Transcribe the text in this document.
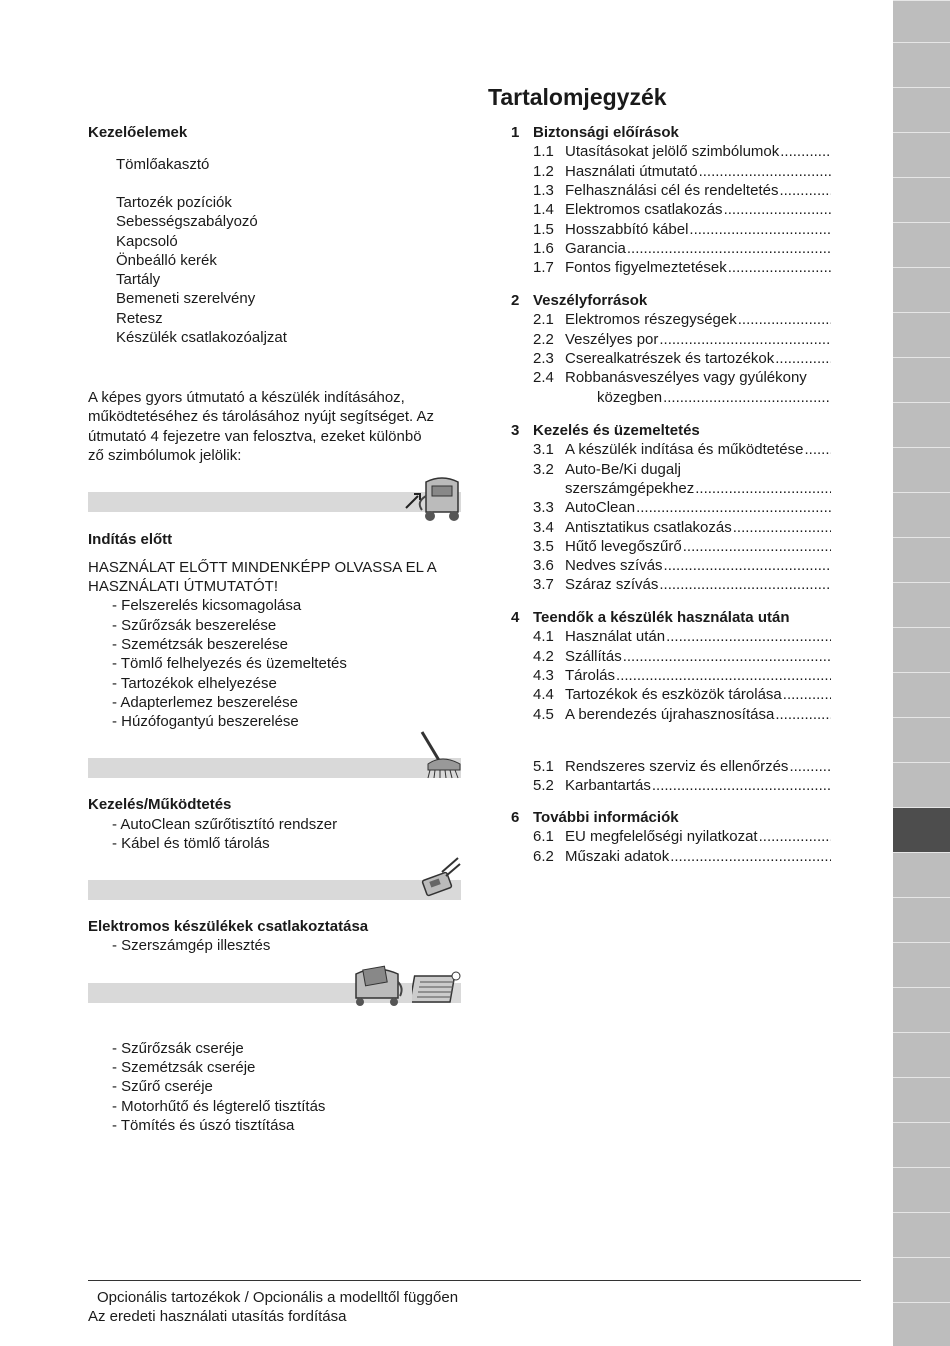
Tartalomjegyzék
1 Biztonsági előírások
1.1 Utasításokat jelölő szimbólumok
.....
1.2 Használati útmutató
.....
1.3 Felhasználási cél és rendeltetés
.....
1.4 Elektromos csatlakozás
.....
1.5 Hosszabbító kábel
.....
1.6 Garancia
.....
1.7 Fontos figyelmeztetések
.....
2 Veszélyforrások
2.1 Elektromos részegységek
.....
2.2 Veszélyes por
.....
2.3 Cserealkatrészek és tartozékok
.....
2.4 Robbanásveszélyes vagy gyúlékony
közegben
.....
3 Kezelés és üzemeltetés
3.1 A készülék indítása és működtetése
.....
3.2 Auto-Be/Ki dugalj
szerszámgépekhez
.....
3.3 AutoClean
.....
3.4 Antisztatikus csatlakozás
.....
3.5 Hűtő levegőszűrő
.....
3.6 Nedves szívás
.....
3.7 Száraz szívás
.....
4 Teendők a készülék használata után
4.1 Használat után
.....
4.2 Szállítás
.....
4.3 Tárolás
.....
4.4 Tartozékok és eszközök tárolása
.....
4.5 A berendezés újrahasznosítása
.....
5.1 Rendszeres szerviz és ellenőrzés
.....
5.2 Karbantartás
.....
6 További információk
6.1 EU megfelelőségi nyilatkozat
.....
6.2 Műszaki adatok
.....
Kezelőelemek
Tömlőakasztó
Tartozék pozíciók
Sebességszabályozó
Kapcsoló
Önbeálló kerék
Tartály
Bemeneti szerelvény
Retesz
Készülék csatlakozóaljzat
A képes gyors útmutató a készülék indításához,
működtetéséhez és tárolásához nyújt segítséget. Az
útmutató 4 fejezetre van felosztva, ezeket különbö
ző szimbólumok jelölik:
Indítás előtt
HASZNÁLAT ELŐTT MINDENKÉPP OLVASSA EL A
HASZNÁLATI ÚTMUTATÓT!
- Felszerelés kicsomagolása
- Szűrőzsák beszerelése
- Szemétzsák beszerelése
- Tömlő felhelyezés és üzemeltetés
- Tartozékok elhelyezése
- Adapterlemez beszerelése
- Húzófogantyú beszerelése
Kezelés/Működtetés
- AutoClean szűrőtisztító rendszer
- Kábel és tömlő tárolás
Elektromos készülékek csatlakoztatása
- Szerszámgép illesztés
- Szűrőzsák cseréje
- Szemétzsák cseréje
- Szűrő cseréje
- Motorhűtő és légterelő tisztítás
- Tömítés és úszó tisztítása
Opcionális tartozékok / Opcionális a modelltől függően
Az eredeti használati utasítás fordítása
